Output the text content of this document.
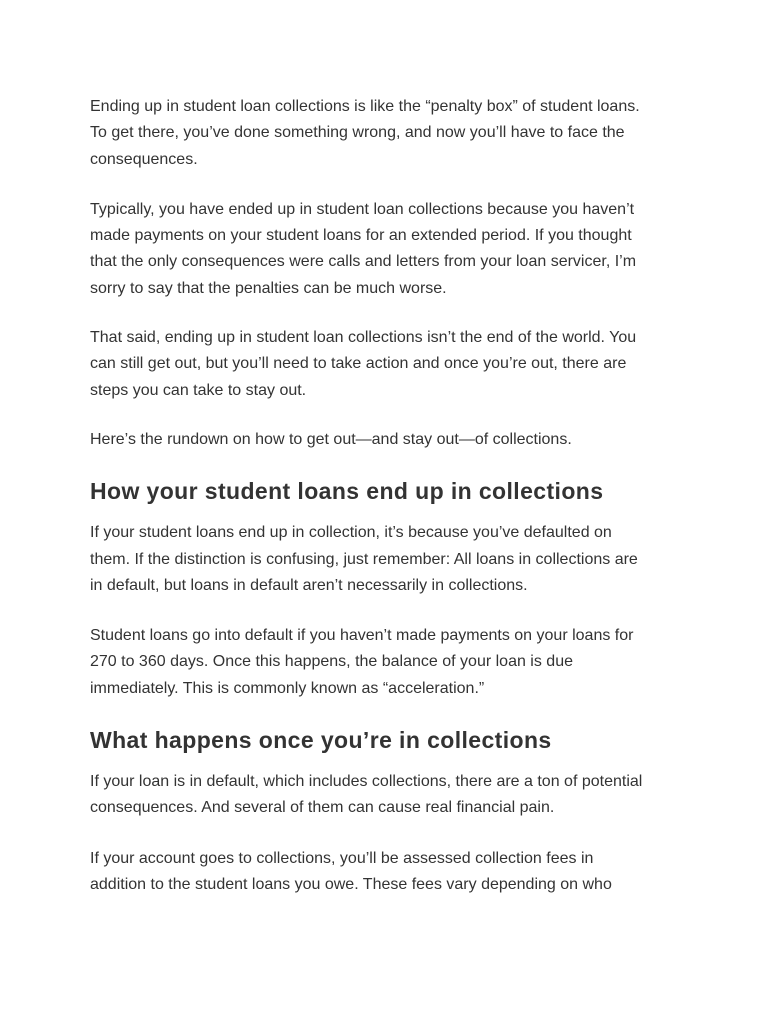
Ending up in student loan collections is like the “penalty box” of student loans.
To get there, you’ve done something wrong, and now you’ll have to face the
consequences.

Typically, you have ended up in student loan collections because you haven’t
made payments on your student loans for an extended period. If you thought
that the only consequences were calls and letters from your loan servicer, I’m
sorry to say that the penalties can be much worse.

That said, ending up in student loan collections isn’t the end of the world. You
can still get out, but you’ll need to take action and once you’re out, there are
steps you can take to stay out.

Here’s the rundown on how to get out—and stay out—of collections.

How your student loans end up in collections

If your student loans end up in collection, it’s because you’ve defaulted on
them. If the distinction is confusing, just remember: All loans in collections are
in default, but loans in default aren’t necessarily in collections.

Student loans go into default if you haven’t made payments on your loans for
270 to 360 days. Once this happens, the balance of your loan is due
immediately. This is commonly known as “acceleration.”

What happens once you’re in collections

If your loan is in default, which includes collections, there are a ton of potential
consequences. And several of them can cause real financial pain.

If your account goes to collections, you’ll be assessed collection fees in
addition to the student loans you owe. These fees vary depending on who
